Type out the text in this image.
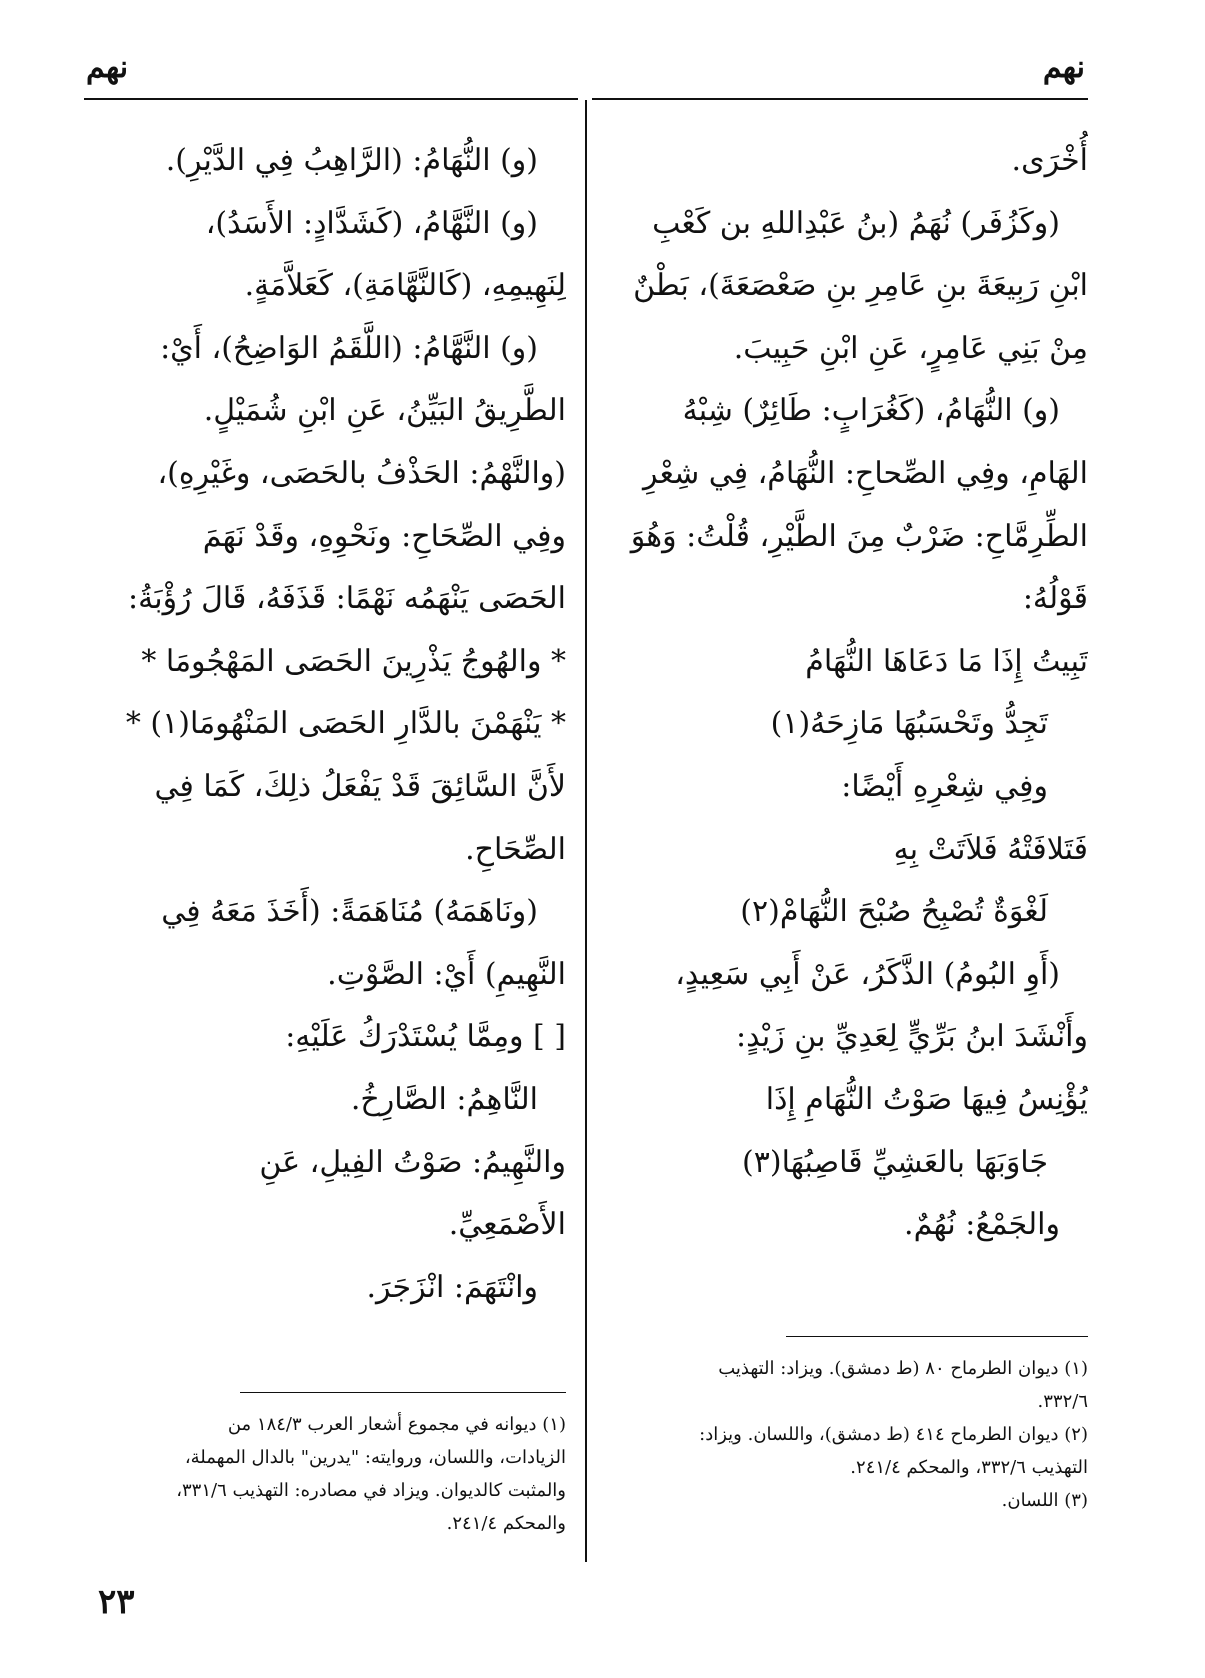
نهم
نهم
أُخْرَى.
(وكَزُفَر) نُهَمُ (بنُ عَبْدِاللهِ بن كَعْبِ
ابْنِ رَبِيعَةَ بنِ عَامِرِ بنِ صَعْصَعَةَ)، بَطْنٌ
مِنْ بَنِي عَامِرٍ، عَنِ ابْنِ حَبِيبَ.
(و) النُّهَامُ، (كَغُرَابٍ: طَائِرٌ) شِبْهُ
الهَامِ، وفِي الصِّحاحِ: النُّهَامُ، فِي شِعْرِ
الطِّرِمَّاحِ: ضَرْبٌ مِنَ الطَّيْرِ، قُلْتُ: وَهُوَ
قَوْلُهُ:
تَبِيتُ إِذَا مَا دَعَاهَا النُّهَامُ
تَجِدُّ وتَحْسَبُهَا مَازِحَهُ(١)
وفِي شِعْرِهِ أَيْضًا:
فَتَلافَتْهُ فَلاَتَتْ بِهِ
لَغْوَةٌ تُصْبِحُ صُبْحَ النُّهَامْ(٢)
(أَوِ البُومُ) الذَّكَرُ، عَنْ أَبِي سَعِيدٍ،
وأَنْشَدَ ابنُ بَرِّيٍّ لِعَدِيِّ بنِ زَيْدٍ:
يُؤْنِسُ فِيهَا صَوْتُ النُّهَامِ إِذَا
جَاوَبَهَا بالعَشِيِّ قَاصِبُهَا(٣)
والجَمْعُ: نُهُمٌ.
(و) النُّهَامُ: (الرَّاهِبُ فِي الدَّيْرِ).
(و) النَّهَّامُ، (كَشَدَّادٍ: الأَسَدُ)،
لِنَهِيمِهِ، (كَالنَّهَّامَةِ)، كَعَلاَّمَةٍ.
(و) النَّهَّامُ: (اللَّقَمُ الوَاضِحُ)، أَيْ:
الطَّرِيقُ البَيِّنُ، عَنِ ابْنِ شُمَيْلٍ.
(والنَّهْمُ: الحَذْفُ بالحَصَى، وغَيْرِهِ)،
وفِي الصِّحَاحِ: ونَحْوِهِ، وقَدْ نَهَمَ
الحَصَى يَنْهَمُه نَهْمًا: قَذَفَهُ، قَالَ رُؤْبَةُ:
* والهُوجُ يَذْرِينَ الحَصَى المَهْجُومَا *
* يَنْهَمْنَ بالدَّارِ الحَصَى المَنْهُومَا(١) *
لأَنَّ السَّائِقَ قَدْ يَفْعَلُ ذلِكَ، كَمَا فِي
الصِّحَاحِ.
(ونَاهَمَهُ) مُنَاهَمَةً: (أَخَذَ مَعَهُ فِي
النَّهِيمِ) أَيْ: الصَّوْتِ.
[ ] ومِمَّا يُسْتَدْرَكُ عَلَيْهِ:
النَّاهِمُ: الصَّارِخُ.
والنَّهِيمُ: صَوْتُ الفِيلِ، عَنِ
الأَصْمَعِيِّ.
وانْتَهَمَ: انْزَجَرَ.
(١) ديوان الطرماح ٨٠ (ط دمشق). ويزاد: التهذيب
٣٣٢/٦.
(٢) ديوان الطرماح ٤١٤ (ط دمشق)، واللسان. ويزاد:
التهذيب ٣٣٢/٦، والمحكم ٢٤١/٤.
(٣) اللسان.
(١) ديوانه في مجموع أشعار العرب ١٨٤/٣ من
الزيادات، واللسان، وروايته: "يدرين" بالدال المهملة،
والمثبت كالديوان. ويزاد في مصادره: التهذيب ٣٣١/٦،
والمحكم ٢٤١/٤.
٢٣
